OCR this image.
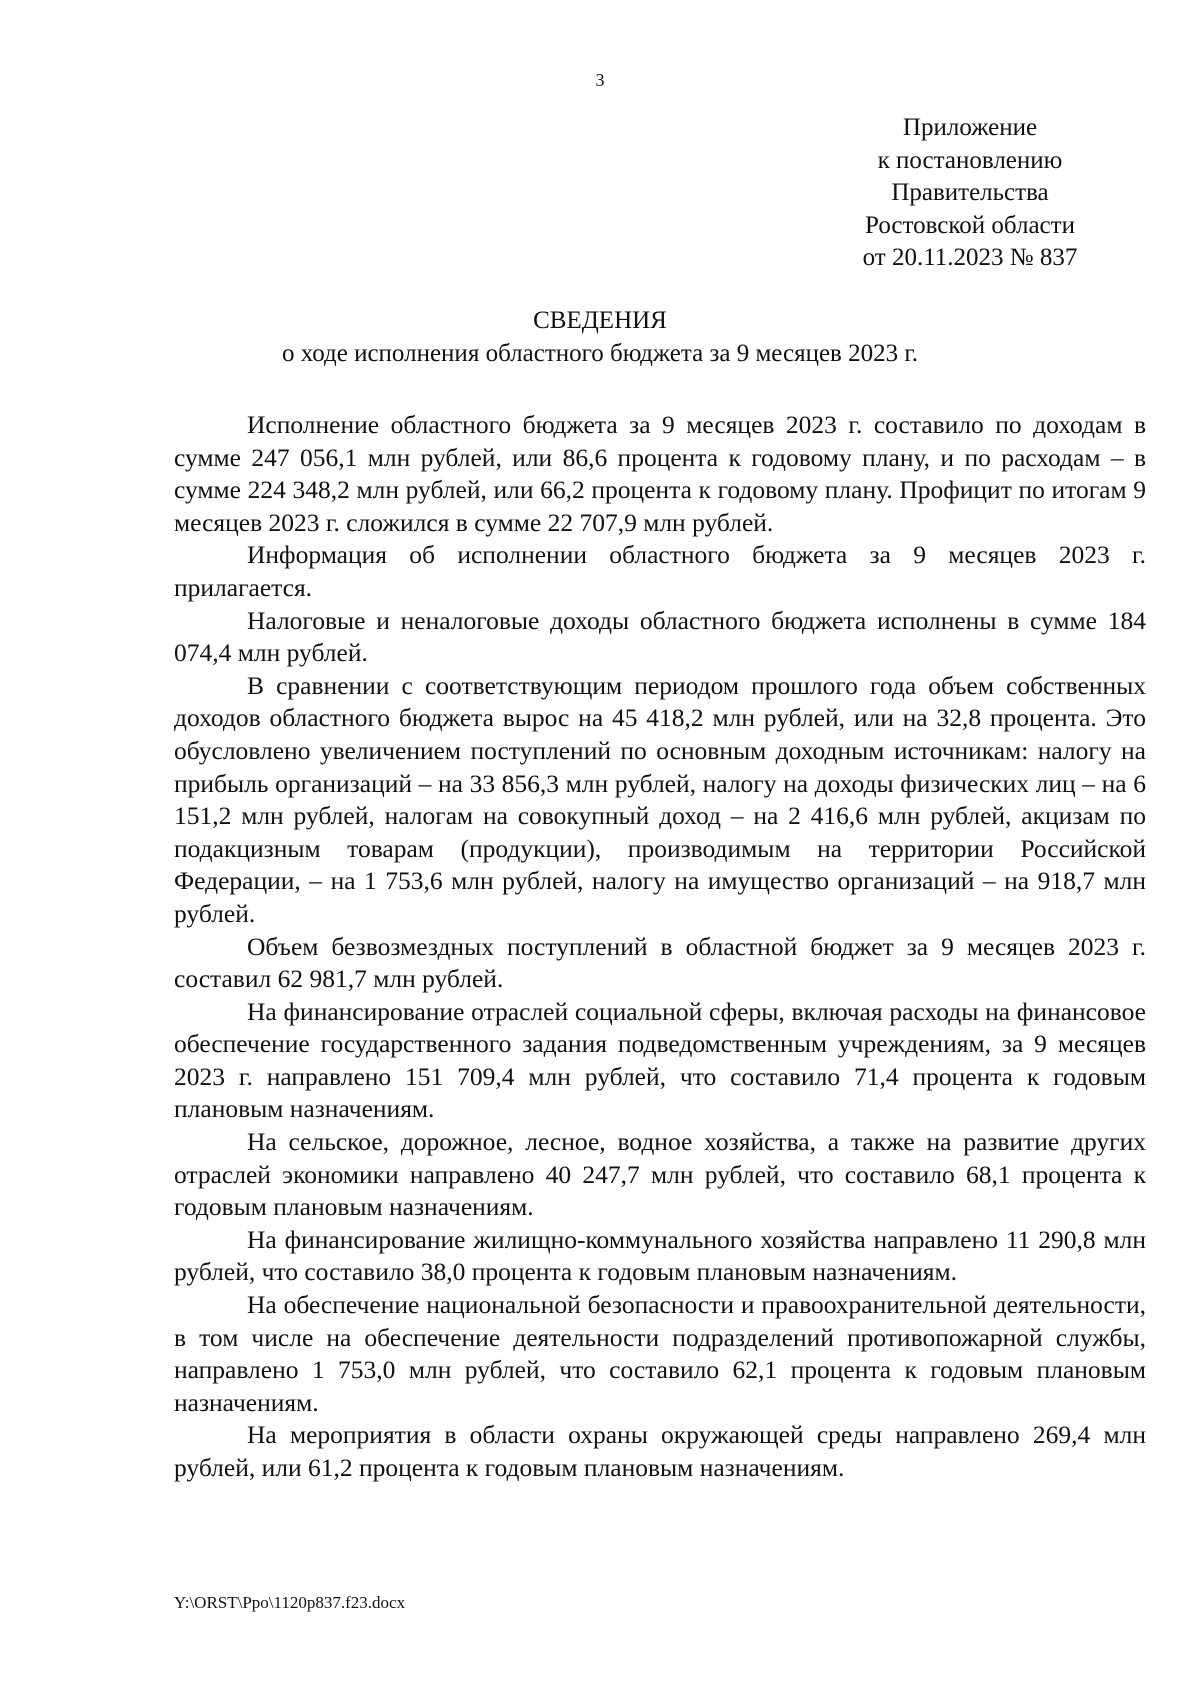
3
Приложение
к постановлению
Правительства
Ростовской области
от 20.11.2023 № 837
СВЕДЕНИЯ
о ходе исполнения областного бюджета за 9 месяцев 2023 г.

Исполнение областного бюджета за 9 месяцев 2023 г. составило по доходам в сумме 247 056,1 млн рублей, или 86,6 процента к годовому плану, и по расходам – в сумме 224 348,2 млн рублей, или 66,2 процента к годовому плану. Профицит по итогам 9 месяцев 2023 г. сложился в сумме 22 707,9 млн рублей.

Информация об исполнении областного бюджета за 9 месяцев 2023 г. прилагается.

Налоговые и неналоговые доходы областного бюджета исполнены в сумме 184 074,4 млн рублей.

В сравнении с соответствующим периодом прошлого года объем собственных доходов областного бюджета вырос на 45 418,2 млн рублей, или на 32,8 процента. Это обусловлено увеличением поступлений по основным доходным источникам: налогу на прибыль организаций – на 33 856,3 млн рублей, налогу на доходы физических лиц – на 6 151,2 млн рублей, налогам на совокупный доход – на 2 416,6 млн рублей, акцизам по подакцизным товарам (продукции), производимым на территории Российской Федерации, – на 1 753,6 млн рублей, налогу на имущество организаций – на 918,7 млн рублей.

Объем безвозмездных поступлений в областной бюджет за 9 месяцев 2023 г. составил 62 981,7 млн рублей.

На финансирование отраслей социальной сферы, включая расходы на финансовое обеспечение государственного задания подведомственным учреждениям, за 9 месяцев 2023 г. направлено 151 709,4 млн рублей, что составило 71,4 процента к годовым плановым назначениям.

На сельское, дорожное, лесное, водное хозяйства, а также на развитие других отраслей экономики направлено 40 247,7 млн рублей, что составило 68,1 процента к годовым плановым назначениям.

На финансирование жилищно-коммунального хозяйства направлено 11 290,8 млн рублей, что составило 38,0 процента к годовым плановым назначениям.

На обеспечение национальной безопасности и правоохранительной деятельности, в том числе на обеспечение деятельности подразделений противопожарной службы, направлено 1 753,0 млн рублей, что составило 62,1 процента к годовым плановым назначениям.

На мероприятия в области охраны окружающей среды направлено 269,4 млн рублей, или 61,2 процента к годовым плановым назначениям.

Y:\ORST\Ppo\1120p837.f23.docx
